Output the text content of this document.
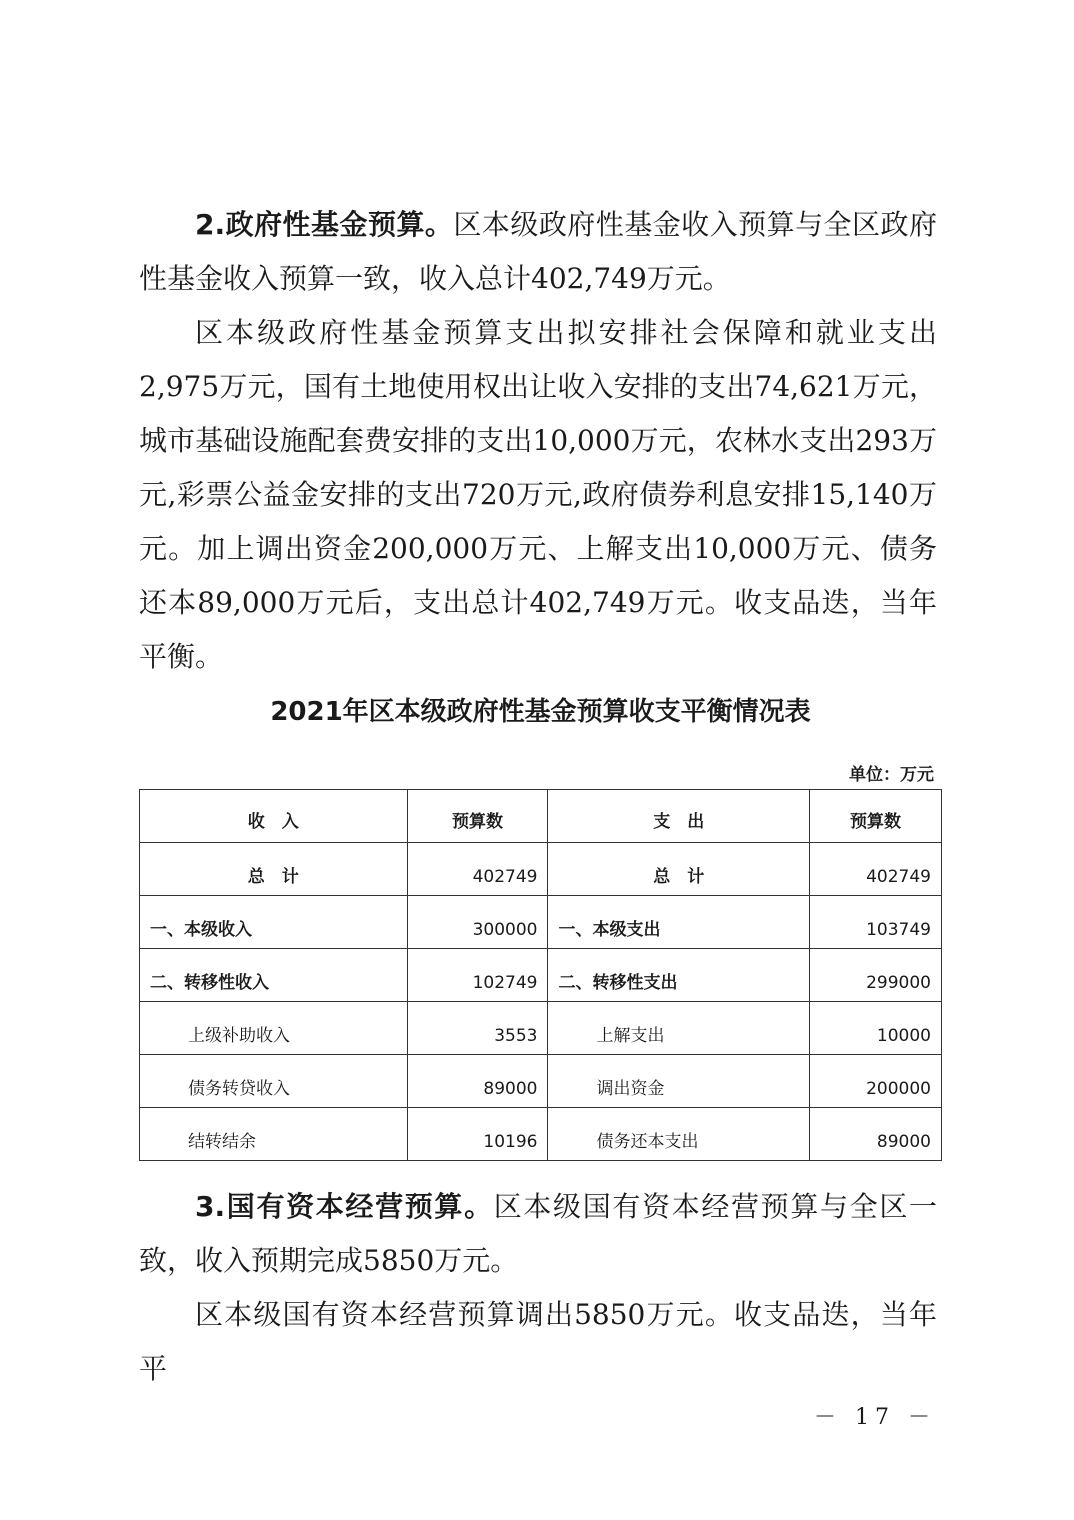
2.政府性基金预算。区本级政府性基金收入预算与全区政府性基金收入预算一致，收入总计402,749万元。

区本级政府性基金预算支出拟安排社会保障和就业支出2,975万元，国有土地使用权出让收入安排的支出74,621万元，城市基础设施配套费安排的支出10,000万元，农林水支出293万元,彩票公益金安排的支出720万元,政府债券利息安排15,140万元。加上调出资金200,000万元、上解支出10,000万元、债务还本89,000万元后，支出总计402,749万元。收支品迭，当年平衡。

2021年区本级政府性基金预算收支平衡情况表
单位：万元
收　入	预算数	支　出	预算数
总　计	402749	总　计	402749
一、本级收入	300000	一、本级支出	103749
二、转移性收入	102749	二、转移性支出	299000
上级补助收入	3553	上解支出	10000
债务转贷收入	89000	调出资金	200000
结转结余	10196	债务还本支出	89000

3.国有资本经营预算。区本级国有资本经营预算与全区一致，收入预期完成5850万元。

区本级国有资本经营预算调出5850万元。收支品迭，当年平

－ 17 －
